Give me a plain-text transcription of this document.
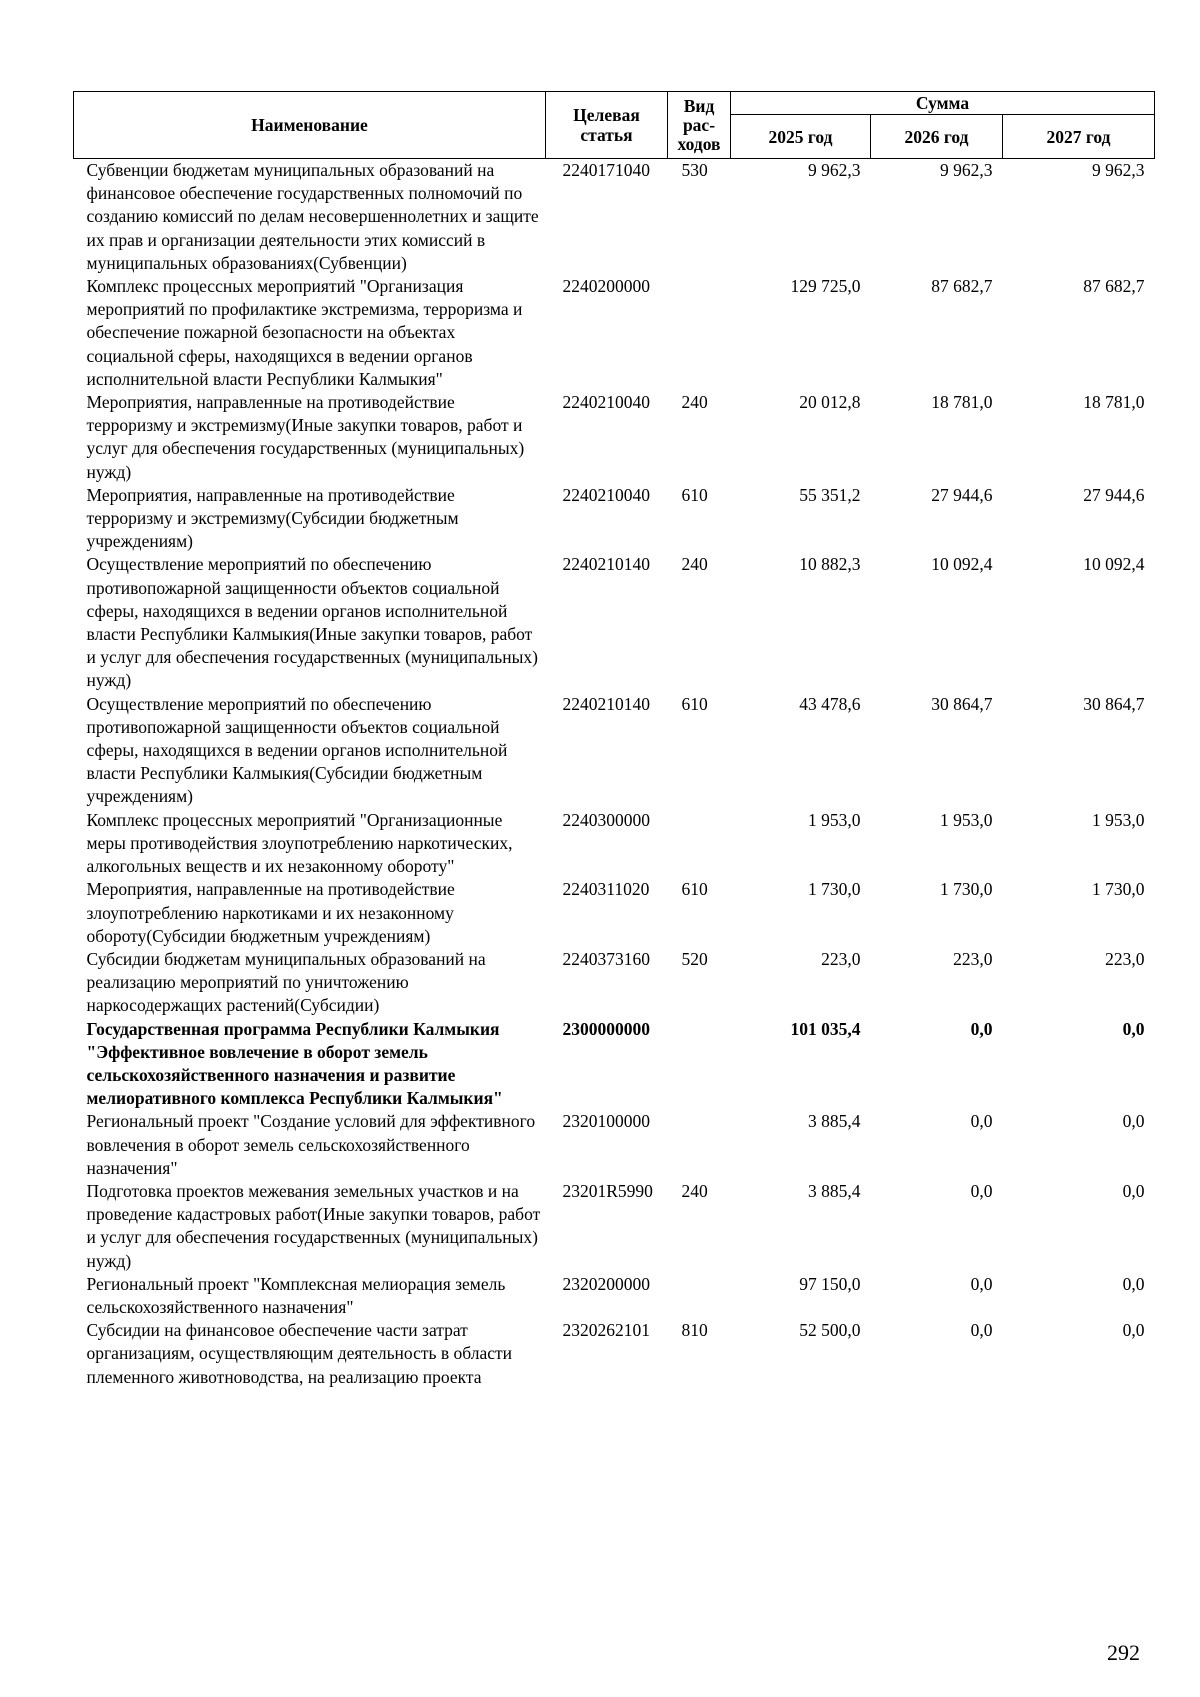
Наименование	Целевая статья	Вид рас-ходов	Сумма		
			2025 год	2026 год	2027 год
Субвенции бюджетам муниципальных образований на финансовое обеспечение государственных полномочий по созданию комиссий по делам несовершеннолетних и защите их прав и организации деятельности этих комиссий в муниципальных образованиях(Субвенции)	2240171040	530	9 962,3	9 962,3	9 962,3
Комплекс процессных мероприятий "Организация мероприятий по профилактике экстремизма, терроризма и обеспечение пожарной безопасности на объектах социальной сферы, находящихся в ведении органов исполнительной власти Республики Калмыкия"	2240200000		129 725,0	87 682,7	87 682,7
Мероприятия, направленные на противодействие терроризму и экстремизму(Иные закупки товаров, работ и услуг для обеспечения государственных (муниципальных) нужд)	2240210040	240	20 012,8	18 781,0	18 781,0
Мероприятия, направленные на противодействие терроризму и экстремизму(Субсидии бюджетным учреждениям)	2240210040	610	55 351,2	27 944,6	27 944,6
Осуществление мероприятий по обеспечению противопожарной защищенности объектов социальной сферы, находящихся в ведении органов исполнительной власти Республики Калмыкия(Иные закупки товаров, работ и услуг для обеспечения государственных (муниципальных) нужд)	2240210140	240	10 882,3	10 092,4	10 092,4
Осуществление мероприятий по обеспечению противопожарной защищенности объектов социальной сферы, находящихся в ведении органов исполнительной власти Республики Калмыкия(Субсидии бюджетным учреждениям)	2240210140	610	43 478,6	30 864,7	30 864,7
Комплекс процессных мероприятий "Организационные меры противодействия злоупотреблению наркотических, алкогольных веществ и их незаконному обороту"	2240300000		1 953,0	1 953,0	1 953,0
Мероприятия, направленные на противодействие злоупотреблению наркотиками и их незаконному обороту(Субсидии бюджетным учреждениям)	2240311020	610	1 730,0	1 730,0	1 730,0
Субсидии бюджетам муниципальных образований на реализацию мероприятий по уничтожению наркосодержащих растений(Субсидии)	2240373160	520	223,0	223,0	223,0
Государственная программа Республики Калмыкия "Эффективное вовлечение в оборот земель сельскохозяйственного назначения и развитие мелиоративного комплекса Республики Калмыкия"	2300000000		101 035,4	0,0	0,0
Региональный проект "Создание условий для эффективного вовлечения в оборот земель сельскохозяйственного назначения"	2320100000		3 885,4	0,0	0,0
Подготовка проектов межевания земельных участков и на проведение кадастровых работ(Иные закупки товаров, работ и услуг для обеспечения государственных (муниципальных) нужд)	23201R5990	240	3 885,4	0,0	0,0
Региональный проект "Комплексная мелиорация земель сельскохозяйственного назначения"	2320200000		97 150,0	0,0	0,0
Субсидии на финансовое обеспечение части затрат организациям, осуществляющим деятельность в области племенного животноводства, на реализацию проекта	2320262101	810	52 500,0	0,0	0,0
292
